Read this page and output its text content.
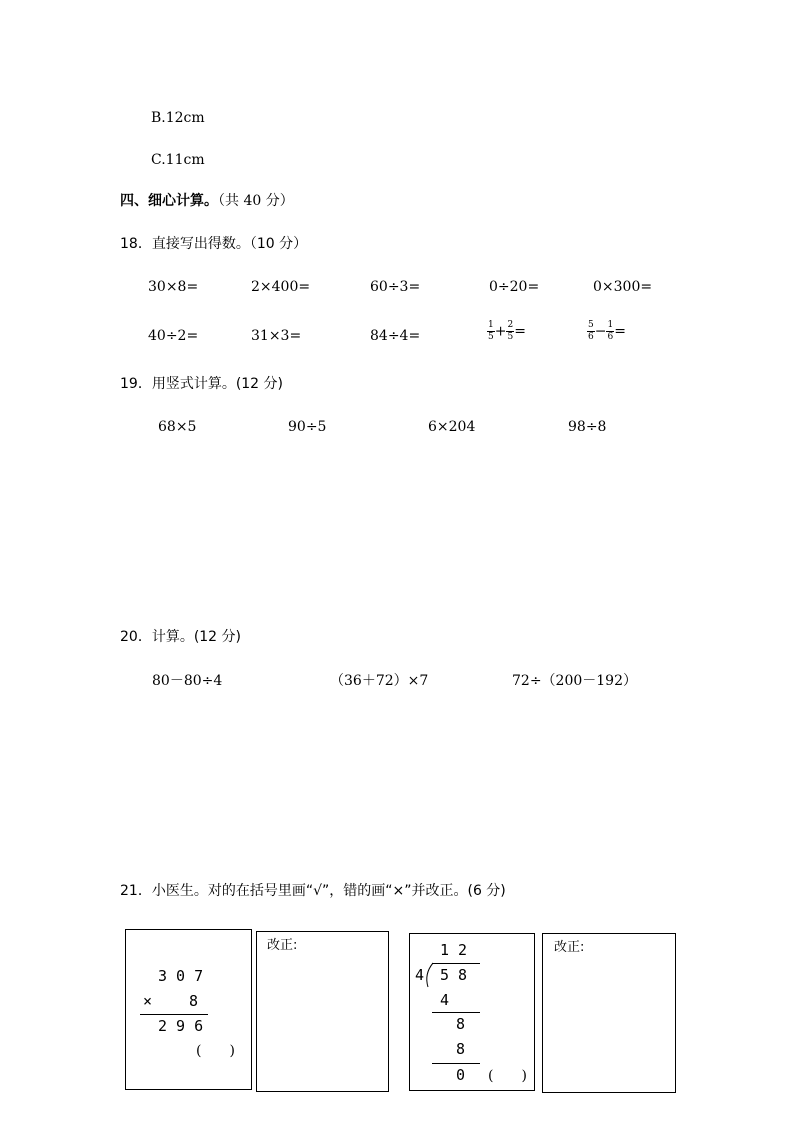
B.12cm
C.11cm
四、细心计算。（共 40 分）
18．直接写出得数。（10 分）
30×8=	2×400=	60÷3=	0÷20=	0×300=
40÷2=	31×3=	84÷4=	$\frac{1}{5} + \frac{2}{5}$ =	$\frac{5}{6} - \frac{1}{6}$ =
19．用竖式计算。(12 分)
68×5	90÷5	6×204	98÷8
20．计算。(12 分)
80－80÷4	（36＋72）×7	72÷（200－192）
21．小医生。对的在括号里画“√”，错的画“×”并改正。(6 分)
3 0 7
× 8
2 9 6
(　　)
改正:	1 2
4 5 8
4
8
8
0 (　　)
改正:
